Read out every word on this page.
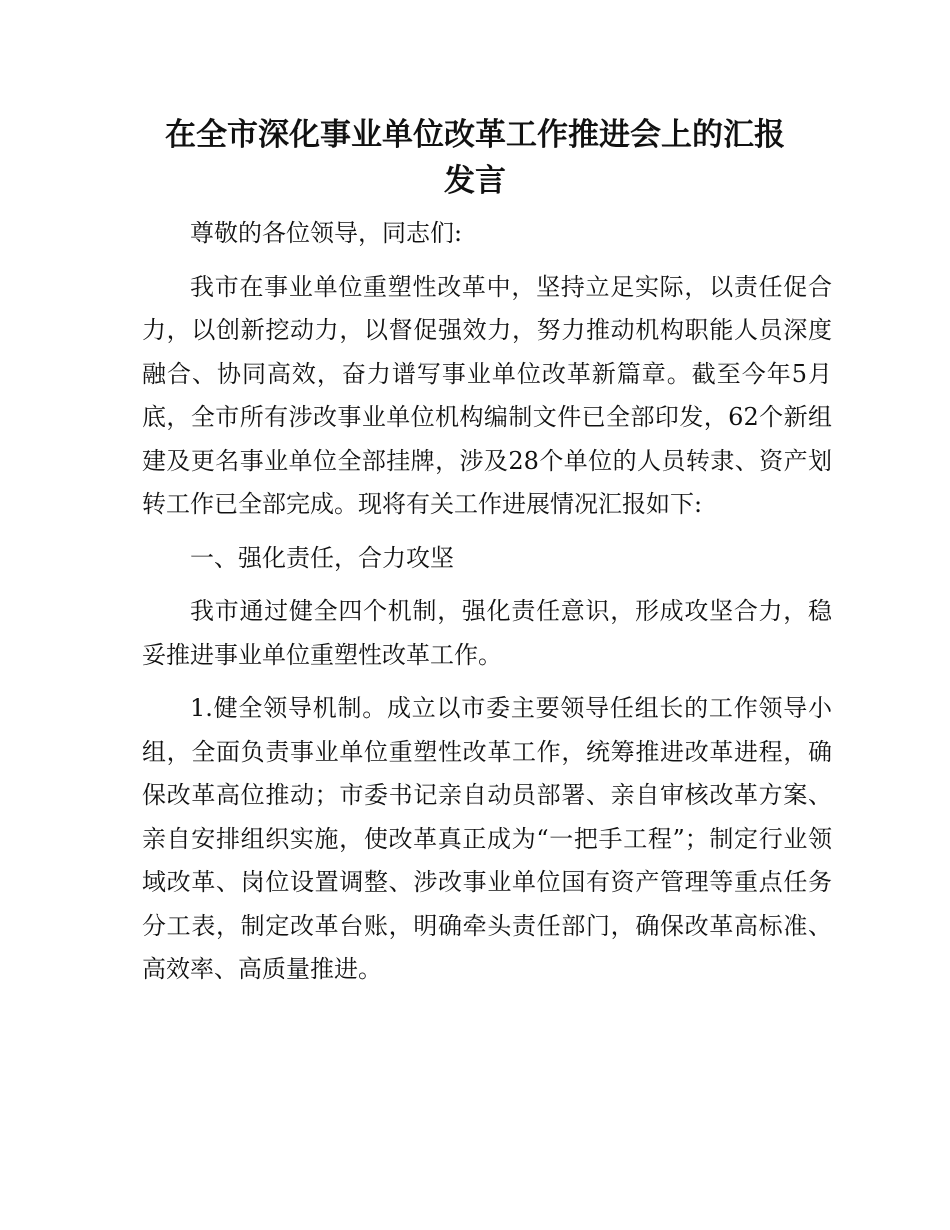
在全市深化事业单位改革工作推进会上的汇报
发言

尊敬的各位领导，同志们:

我市在事业单位重塑性改革中，坚持立足实际，以责任促合力，以创新挖动力，以督促强效力，努力推动机构职能人员深度融合、协同高效，奋力谱写事业单位改革新篇章。截至今年5月底，全市所有涉改事业单位机构编制文件已全部印发，62个新组建及更名事业单位全部挂牌，涉及28个单位的人员转隶、资产划转工作已全部完成。现将有关工作进展情况汇报如下:

一、强化责任，合力攻坚

我市通过健全四个机制，强化责任意识，形成攻坚合力，稳妥推进事业单位重塑性改革工作。

1.健全领导机制。成立以市委主要领导任组长的工作领导小组，全面负责事业单位重塑性改革工作，统筹推进改革进程，确保改革高位推动；市委书记亲自动员部署、亲自审核改革方案、亲自安排组织实施，使改革真正成为“一把手工程”；制定行业领域改革、岗位设置调整、涉改事业单位国有资产管理等重点任务分工表，制定改革台账，明确牵头责任部门，确保改革高标准、高效率、高质量推进。
